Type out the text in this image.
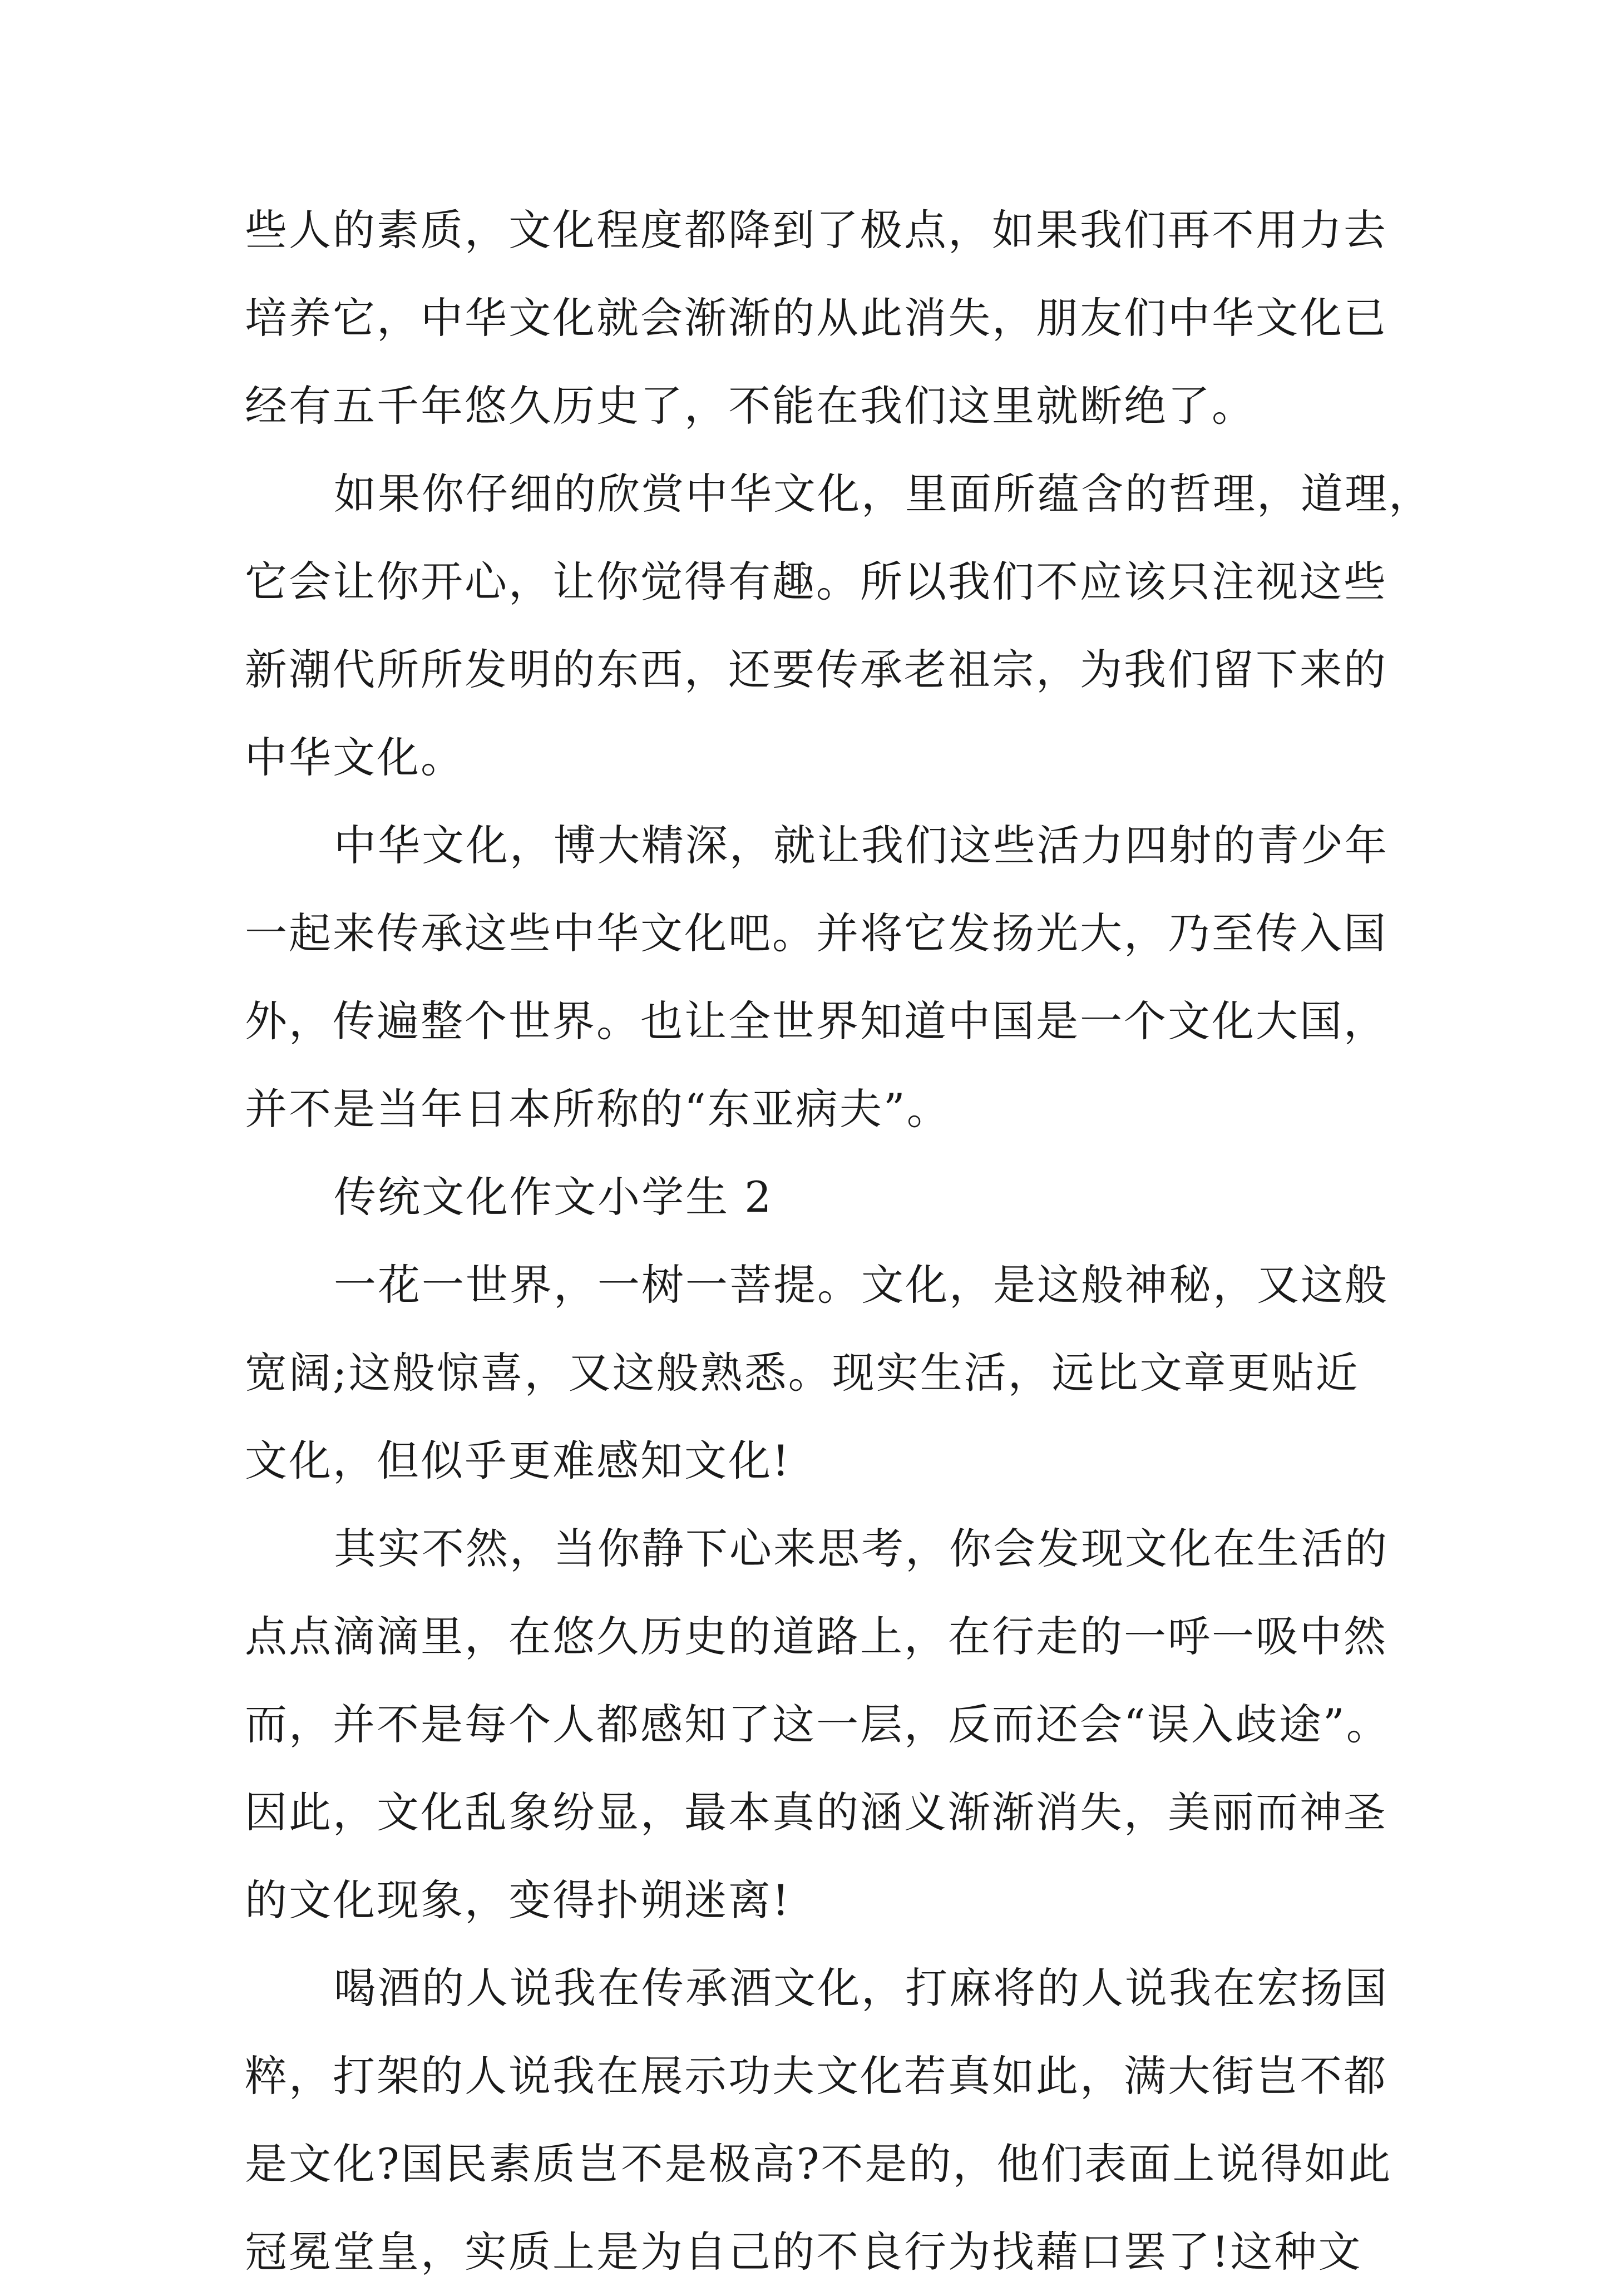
些人的素质，文化程度都降到了极点，如果我们再不用力去
培养它，中华文化就会渐渐的从此消失，朋友们中华文化已
经有五千年悠久历史了，不能在我们这里就断绝了。

如果你仔细的欣赏中华文化，里面所蕴含的哲理，道理，
它会让你开心，让你觉得有趣。所以我们不应该只注视这些
新潮代所所发明的东西，还要传承老祖宗，为我们留下来的
中华文化。

中华文化，博大精深，就让我们这些活力四射的青少年
一起来传承这些中华文化吧。并将它发扬光大，乃至传入国
外，传遍整个世界。也让全世界知道中国是一个文化大国，
并不是当年日本所称的“东亚病夫”。

传统文化作文小学生 2

一花一世界，一树一菩提。文化，是这般神秘，又这般
宽阔;这般惊喜，又这般熟悉。现实生活，远比文章更贴近
文化，但似乎更难感知文化!

其实不然，当你静下心来思考，你会发现文化在生活的
点点滴滴里，在悠久历史的道路上，在行走的一呼一吸中然
而，并不是每个人都感知了这一层，反而还会“误入歧途”。
因此，文化乱象纷显，最本真的涵义渐渐消失，美丽而神圣
的文化现象，变得扑朔迷离!

喝酒的人说我在传承酒文化，打麻将的人说我在宏扬国
粹，打架的人说我在展示功夫文化若真如此，满大街岂不都
是文化?国民素质岂不是极高?不是的，他们表面上说得如此
冠冕堂皇，实质上是为自己的不良行为找藉口罢了!这种文
